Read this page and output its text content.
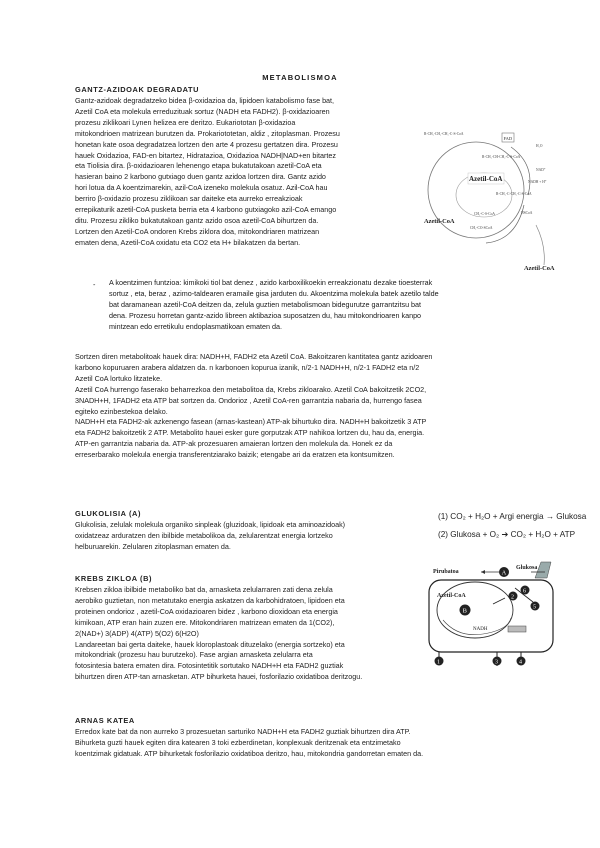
METABOLISMOA
GANTZ-AZIDOAK DEGRADATU
Gantz-azidoak degradatzeko bidea β-oxidazioa da, lipidoen katabolismo fase bat,
Azetil CoA eta molekula erreduzituak sortuz (NADH eta FADH2). β-oxidazioaren
prozesu ziklikoari Lynen helizea ere deritzo. Eukariototan β-oxidazioa
mitokondrioen matrizean burutzen da. Prokariototetan, aldiz , zitoplasman. Prozesu
honetan kate osoa degradatzea lortzen den arte 4 prozesu gertatzen dira. Prozesu
hauek Oxidazioa, FAD-en bitartez, Hidratazioa, Oxidazioa NADH|NAD+en bitartez
eta Tiolisia dira. β-oxidazioaren lehenengo etapa bukatutakoan azetil-CoA eta
hasieran baino 2 karbono gutxiago duen gantz azidoa lortzen dira. Gantz azido
hori lotua da A koentzimarekin, azil-CoA izeneko molekula osatuz. Azil-CoA hau
berriro β-oxidazio prozesu ziklikoan sar daiteke eta aurreko erreakzioak
errepikaturik azetil-CoA pusketa berria eta 4 karbono gutxiagoko azil-CoA emango
ditu. Prozesu zikliko bukatutakoan gantz azido osoa azetil-CoA bihurtzen da.
Lortzen den Azetil-CoA ondoren Krebs ziklora doa, mitokondriaren matrizean
ematen dena, Azetil-CoA oxidatu eta CO2 eta H+ bilakatzen da bertan.
FAD
R-CH₂-CH₂-CH₂-C-S-CoA
H₂O
R-CH₂-CH-CH₂-C-S-CoA
NAD⁺
NADH + H⁺
R-CH₂-C-CH₂-C-S-CoA
HSCoA
CH₃-C-S-CoA
CH₃-CO-SCoA
Azetil-CoA
Azetil-CoA
Azetil-CoA
- A koentzimen funtzioa: kimikoki tiol bat denez , azido karboxilikoekin erreakzionatu dezake tioesterrak
sortuz , eta, beraz , azimo-taldearen eramaile gisa jarduten du. Akoentzima molekula batek azetilo talde
bat daramanean azetil-CoA deitzen da, zelula guztien metabolismoan bidegurutze garrantzitsu bat
dena. Prozesu horretan gantz-azido libreen aktibazioa suposatzen du, hau mitokondrioaren kanpo
mintzean edo erretikulu endoplasmatikoan ematen da.
Sortzen diren metabolitoak hauek dira: NADH+H, FADH2 eta Azetil CoA. Bakoitzaren kantitatea gantz azidoaren
karbono kopuruaren arabera aldatzen da. n karbonoen kopurua izanik, n/2-1 NADH+H, n/2-1 FADH2 eta n/2
Azetil CoA lortuko litzateke.
Azetil CoA hurrengo faserako beharrezkoa den metabolitoa da, Krebs zikloarako. Azetil CoA bakoitzetik 2CO2,
3NADH+H, 1FADH2 eta ATP bat sortzen da. Ondorioz , Azetil CoA-ren garrantzia nabaria da, hurrengo fasea
egiteko ezinbestekoa delako.
NADH+H eta FADH2-ak azkenengo fasean (arnas-kastean) ATP-ak bihurtuko dira. NADH+H bakoitzetik 3 ATP
eta FADH2 bakoitzetik 2 ATP. Metabolito hauei esker gure gorputzak ATP nahikoa lortzen du, hau da, energia.
ATP-en garrantzia nabaria da. ATP-ak prozesuaren amaieran lortzen den molekula da. Honek ez da
erreserbarako molekula energia transferentziarako baizik; etengabe ari da eratzen eta kontsumitzen.
GLUKOLISIA (A)
Glukolisia, zelulak molekula organiko sinpleak (gluzidoak, lipidoak eta aminoazidoak)
oxidatzeaz arduratzen den ibilbide metabolikoa da, zelularentzat energia lortzeko
helburuarekin. Zelularen zitoplasman ematen da.
(1) CO₂ + H₂O + Argi energia → Glukosa
(2) Glukosa + O₂ ➔ CO₂ + H₂O + ATP
KREBS ZIKLOA (B)
Krebsen zikloa ibilbide metaboliko bat da, arnasketa zelularraren zati dena zelula
aerobiko guztietan, non metatutako energia askatzen da karbohidratoen, lipidoen eta
proteinen ondorioz , azetil-CoA oxidazioaren bidez , karbono dioxidoan eta energia
kimikoan, ATP eran hain zuzen ere. Mitokondriaren matrizean ematen da 1(CO2),
2(NAD+) 3(ADP) 4(ATP) 5(O2) 6(H2O)
Landareetan bai gerta daiteke, hauek kloroplastoak dituzelako (energia sortzeko) eta
mitokondriak (prozesu hau burutzeko). Fase argian arnasketa zelularra eta
fotosintesia batera ematen dira. Fotosintetitik sortutako NADH+H eta FADH2 guztiak
bihurtzen diren ATP-tan arnasketan. ATP bihurketa hauei, fosforilazio oxidatiboa deritzogu.
A
B
Pirubatoa
Glukosa
Azetil-CoA
NADH
1
2
3	4
5
6
ARNAS KATEA
Erredox kate bat da non aurreko 3 prozesuetan sarturiko NADH+H eta FADH2 guztiak bihurtzen dira ATP.
Bihurketa guzti hauek egiten dira katearen 3 toki ezberdinetan, konplexuak deritzenak eta entzimetako
koentzimak gidatuak. ATP bihurketak fosforilazio oxidatiboa deritzo, hau, mitokondria gandorretan ematen da.
